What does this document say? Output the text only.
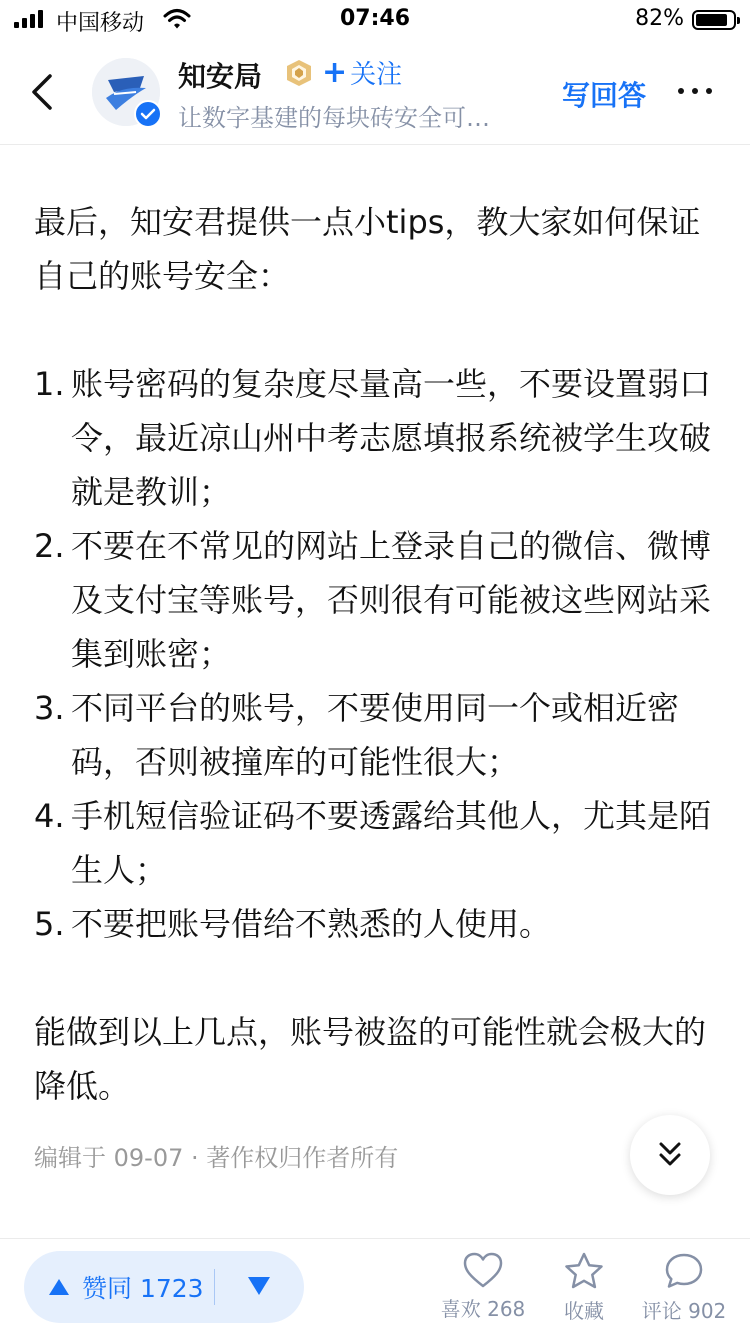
中国移动	07:46	82%
知安局 + 关注
让数字基建的每块砖安全可…
写回答

最后，知安君提供一点小tips，教大家如何保证自己的账号安全：

1. 账号密码的复杂度尽量高一些，不要设置弱口令，最近凉山州中考志愿填报系统被学生攻破就是教训；
2. 不要在不常见的网站上登录自己的微信、微博及支付宝等账号，否则很有可能被这些网站采集到账密；
3. 不同平台的账号，不要使用同一个或相近密码，否则被撞库的可能性很大；
4. 手机短信验证码不要透露给其他人，尤其是陌生人；
5. 不要把账号借给不熟悉的人使用。

能做到以上几点，账号被盗的可能性就会极大的降低。

编辑于 09-07 · 著作权归作者所有
赞同 1723
喜欢 268	收藏	评论 902
